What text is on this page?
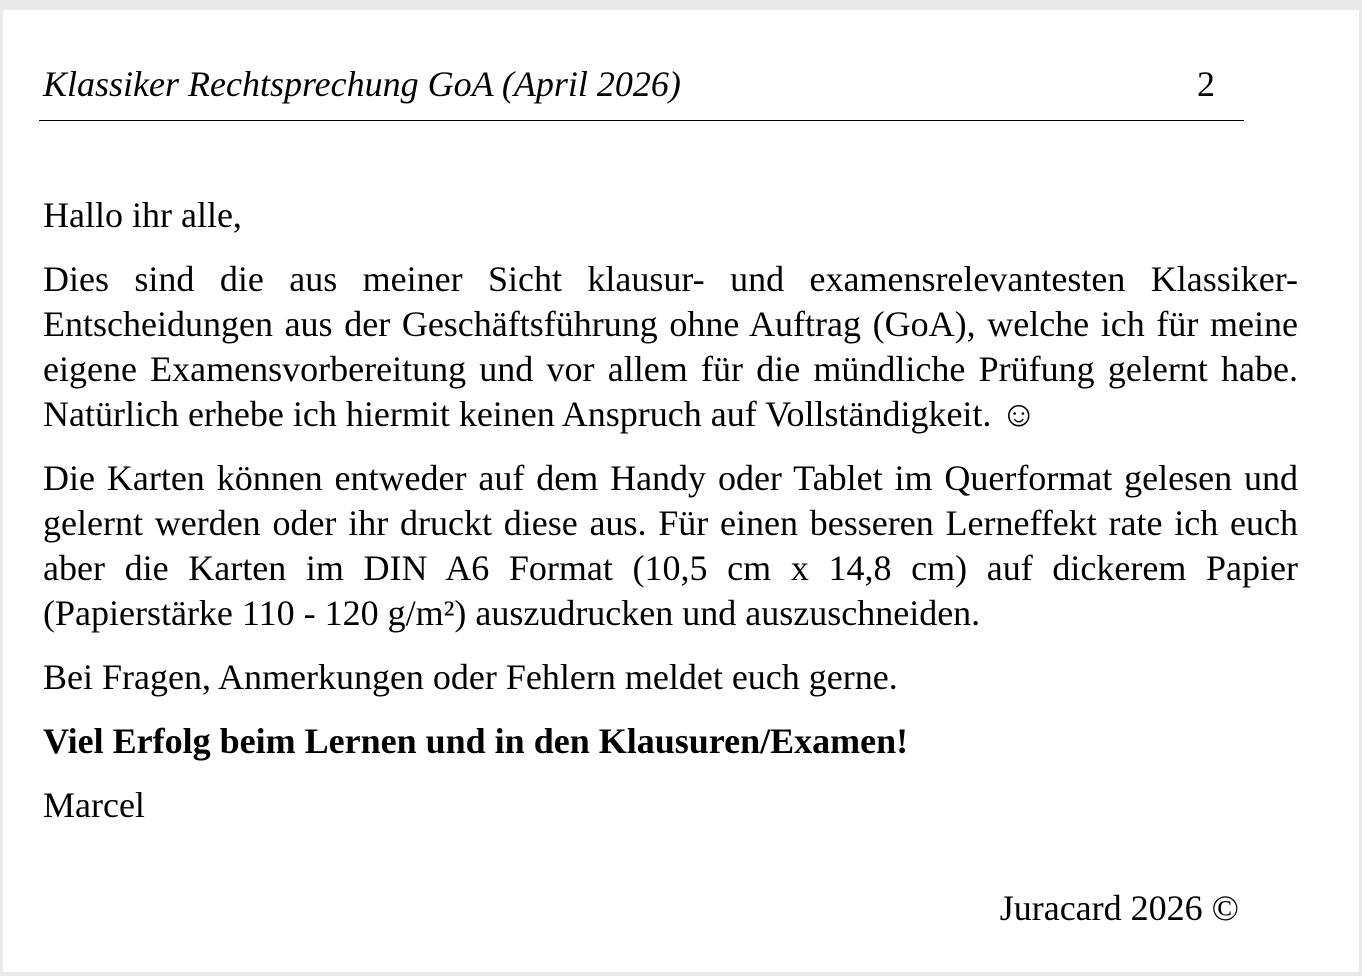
Klassiker Rechtsprechung GoA (April 2026)	2

Hallo ihr alle,

Dies sind die aus meiner Sicht klausur- und examensrelevantesten Klassiker-Entscheidungen aus der Geschäftsführung ohne Auftrag (GoA), welche ich für meine eigene Examensvorbereitung und vor allem für die mündliche Prüfung gelernt habe. Natürlich erhebe ich hiermit keinen Anspruch auf Vollständigkeit. ☺

Die Karten können entweder auf dem Handy oder Tablet im Querformat gelesen und gelernt werden oder ihr druckt diese aus. Für einen besseren Lerneffekt rate ich euch aber die Karten im DIN A6 Format (10,5 cm x 14,8 cm) auf dickerem Papier (Papierstärke 110 - 120 g/m²) auszudrucken und auszuschneiden.

Bei Fragen, Anmerkungen oder Fehlern meldet euch gerne.

Viel Erfolg beim Lernen und in den Klausuren/Examen!

Marcel

Juracard 2026 ©
